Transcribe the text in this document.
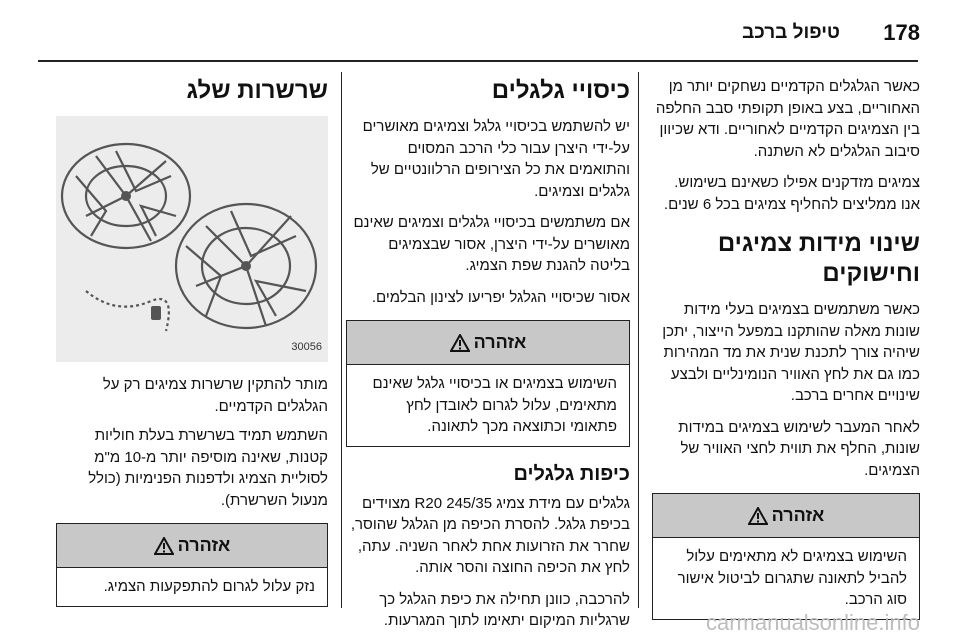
178
טיפול ברכב

כאשר הגלגלים הקדמיים נשחקים יותר מן האחוריים, בצע באופן תקופתי סבב החלפה בין הצמיגים הקדמיים לאחוריים. ודא שכיוון סיבוב הגלגלים לא השתנה.

צמיגים מזדקנים אפילו כשאינם בשימוש. אנו ממליצים להחליף צמיגים בכל 6 שנים.

שינוי מידות צמיגים וחישוקים

כאשר משתמשים בצמיגים בעלי מידות שונות מאלה שהותקנו במפעל הייצור, יתכן שיהיה צורך לתכנת שנית את מד המהירות כמו גם את לחץ האוויר הנומינליים ולבצע שינויים אחרים ברכב.

לאחר המעבר לשימוש בצמיגים במידות שונות, החלף את תווית לחצי האוויר של הצמיגים.

אזהרה
השימוש בצמיגים לא מתאימים עלול להביל לתאונה שתגרום לביטול אישור סוג הרכב.
כיסויי גלגלים

יש להשתמש בכיסויי גלגל וצמיגים מאושרים על-ידי היצרן עבור כלי הרכב המסוים והתואמים את כל הצירופים הרלוונטיים של גלגלים וצמיגים.

אם משתמשים בכיסויי גלגלים וצמיגים שאינם מאושרים על-ידי היצרן, אסור שבצמיגים בליטה להגנת שפת הצמיג.

אסור שכיסויי הגלגל יפריעו לצינון הבלמים.

אזהרה
השימוש בצמיגים או בכיסויי גלגל שאינם מתאימים, עלול לגרום לאובדן לחץ פתאומי וכתוצאה מכך לתאונה.
כיפות גלגלים

גלגלים עם מידת צמיג 245/35 R20 מצוידים בכיפת גלגל. להסרת הכיפה מן הגלגל שהוסר, שחרר את הזרועות אחת לאחר השניה. עתה, לחץ את הכיפה החוצה והסר אותה.

להרכבה, כוונן תחילה את כיפת הגלגל כך שרגליות המיקום יתאימו לתוך המגרעות.

שרשרות שלג
30056

מותר להתקין שרשרות צמיגים רק על הגלגלים הקדמיים.

השתמש תמיד בשרשרת בעלת חוליות קטנות, שאינה מוסיפה יותר מ-10 מ"מ לסוליית הצמיג ולדפנות הפנימיות (כולל מנעול השרשרת).

אזהרה
נזק עלול לגרום להתפקעות הצמיג.
carmanualsonline.info
